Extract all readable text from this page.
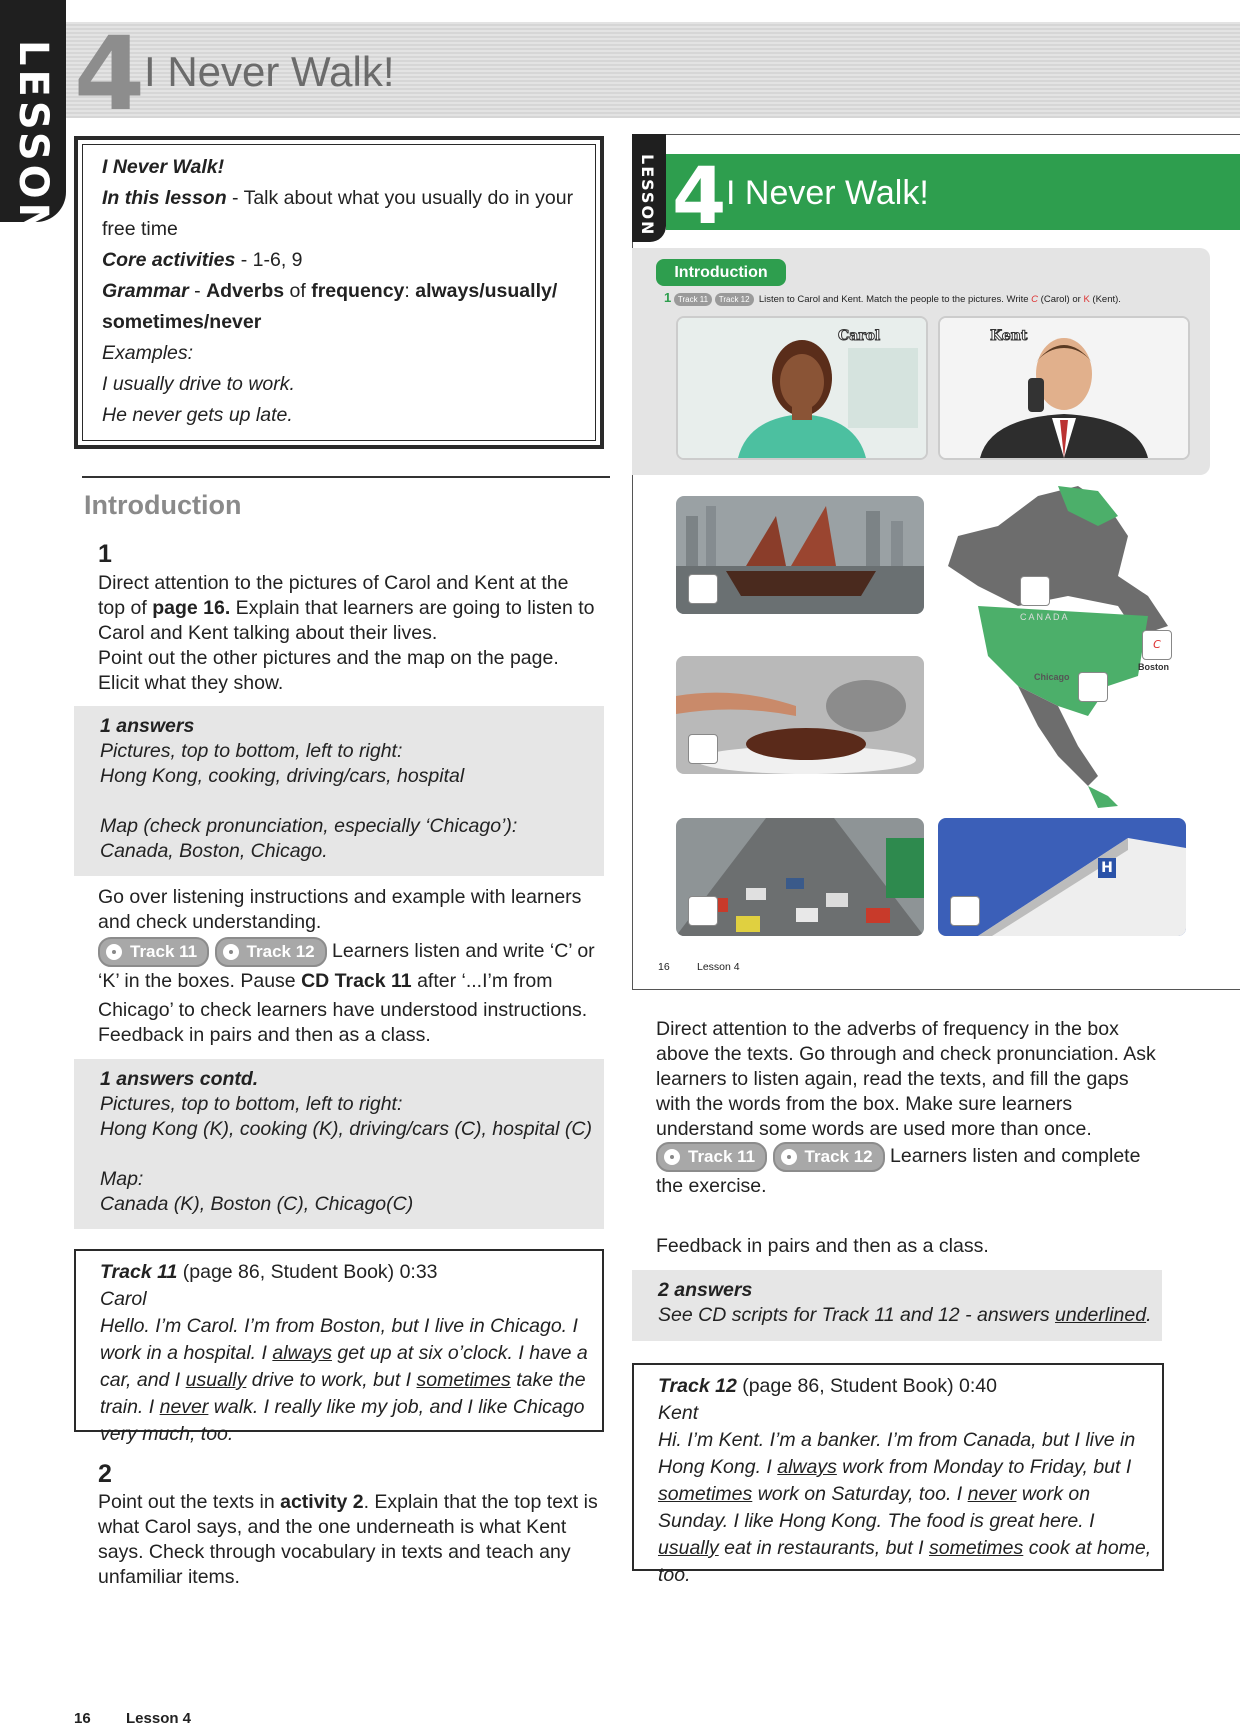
LESSON 4 I Never Walk!
I Never Walk!
In this lesson - Talk about what you usually do in your free time
Core activities - 1-6, 9
Grammar - Adverbs of frequency: always/usually/ sometimes/never
Examples:
I usually drive to work.
He never gets up late.
Introduction
1
Direct attention to the pictures of Carol and Kent at the top of page 16. Explain that learners are going to listen to Carol and Kent talking about their lives.
Point out the other pictures and the map on the page. Elicit what they show.

1 answers

Pictures, top to bottom, left to right:

Hong Kong, cooking, driving/cars, hospital

Map (check pronunciation, especially ‘Chicago’):

Canada, Boston, Chicago.

Go over listening instructions and example with learners and check understanding.
Track 11	Track 12 Learners listen and write ‘C’ or ‘K’ in the boxes. Pause CD Track 11 after ‘...I’m from Chicago’ to check learners have understood instructions.
Feedback in pairs and then as a class.

1 answers contd.

Pictures, top to bottom, left to right:

Hong Kong (K), cooking (K), driving/cars (C), hospital (C)

Map:

Canada (K), Boston (C), Chicago(C)

Track 11 (page 86, Student Book) 0:33

Carol

Hello. I’m Carol. I’m from Boston, but I live in Chicago. I work in a hospital. I always get up at six o’clock. I have a car, and I usually drive to work, but I sometimes take the train. I never walk. I really like my job, and I like Chicago very much, too.

2
Point out the texts in activity 2. Explain that the top text is what Carol says, and the one underneath is what Kent says. Check through vocabulary in texts and teach any unfamiliar items.
LESSON 4 I Never Walk!
Introduction
1 Track 11 Track 12 Listen to Carol and Kent. Match the people to the pictures. Write C (Carol) or K (Kent).
Carol	Kent
H
CANADA
Chicago
Boston
C
16	Lesson 4
Direct attention to the adverbs of frequency in the box above the texts. Go through and check pronunciation. Ask learners to listen again, read the texts, and fill the gaps with the words from the box. Make sure learners understand some words are used more than once.
Track 11	Track 12 Learners listen and complete the exercise.
Feedback in pairs and then as a class.

2 answers

See CD scripts for Track 11 and 12 - answers underlined.

Track 12 (page 86, Student Book) 0:40

Kent

Hi. I’m Kent. I’m a banker. I’m from Canada, but I live in Hong Kong. I always work from Monday to Friday, but I sometimes work on Saturday, too. I never work on Sunday. I like Hong Kong. The food is great here. I usually eat in restaurants, but I sometimes cook at home, too.

16 Lesson 4
